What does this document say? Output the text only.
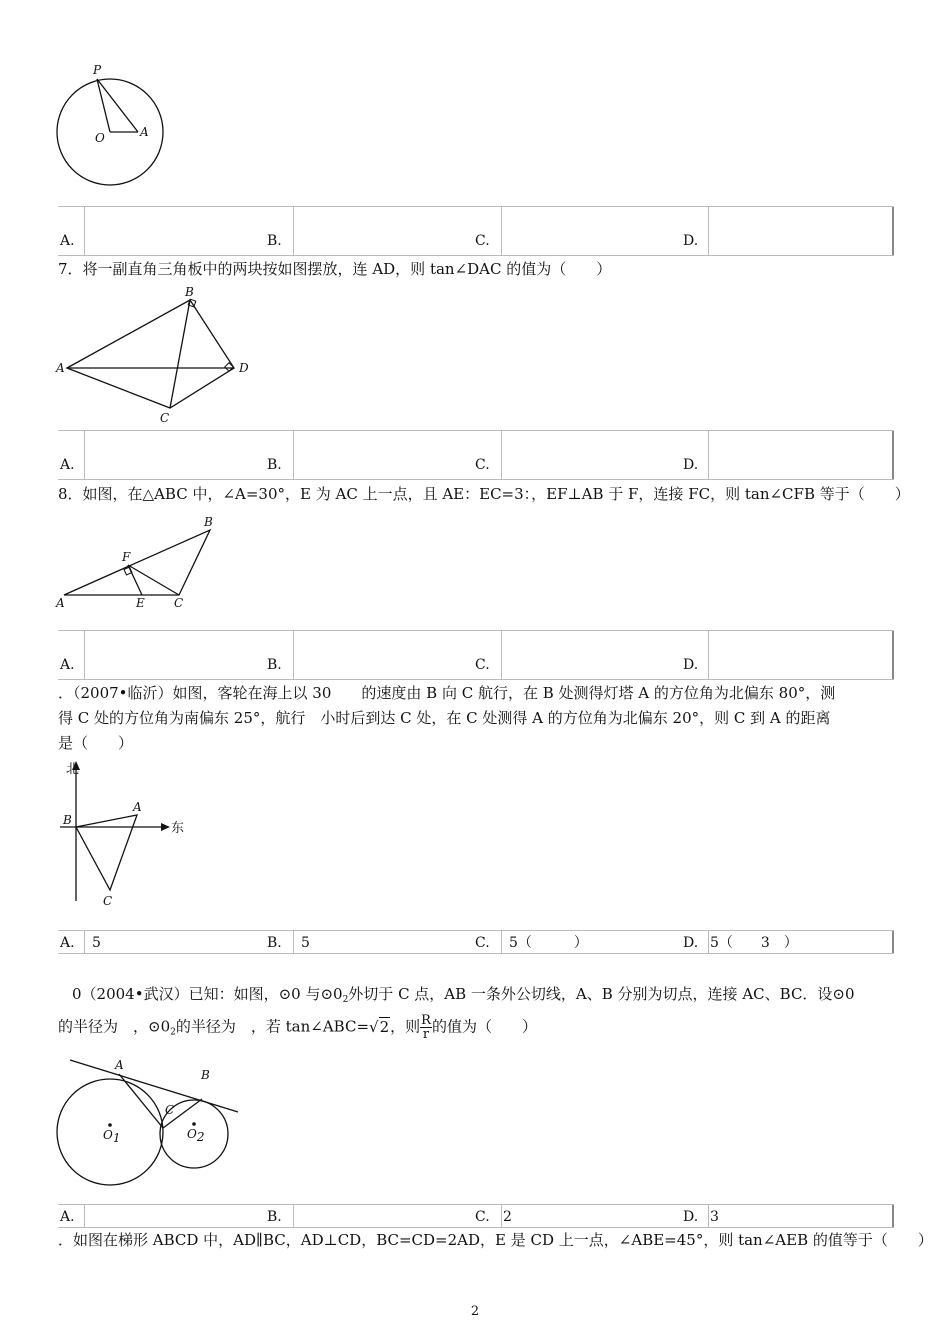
P
O	A
A.	B.	C.	D.
7．将一副直角三角板中的两块按如图摆放，连 AD，则 tan∠DAC 的值为（　　）
A
B
C
D
A.	B.	C.	D.
8．如图，在△ABC 中，∠A=30°，E 为 AC 上一点，且 AE：EC=3：，EF⊥AB 于 F，连接 FC，则 tan∠CFB 等于（　　）
A
B
C
E
F
A.	B.	C.	D.
．（2007•临沂）如图，客轮在海上以 30　　的速度由 B 向 C 航行，在 B 处测得灯塔 A 的方位角为北偏东 80°，测
得 C 处的方位角为南偏东 25°，航行　小时后到达 C 处，在 C 处测得 A 的方位角为北偏东 20°，则 C 到 A 的距离
是（　　）
北
东
A
B
C
A. 5	B. 5	C. 5（　　　）	D. 5（　　3　）
0（2004•武汉）已知：如图，⊙0 与$⊙0_2$外切于 C 点，AB 一条外公切线，A、B 分别为切点，连接 AC、BC．设⊙0
的半径为　，$⊙0_2$的半径为　，若 tan∠ABC=√2，则 $\frac{R}{r}$ 的值为（　　）
A
B
C
O1	O2
A.	B.	C. 2	D. 3
．如图在梯形 ABCD 中，AD∥BC，AD⊥CD，BC=CD=2AD，E 是 CD 上一点，∠ABE=45°，则 tan∠AEB 的值等于（　　）
2
